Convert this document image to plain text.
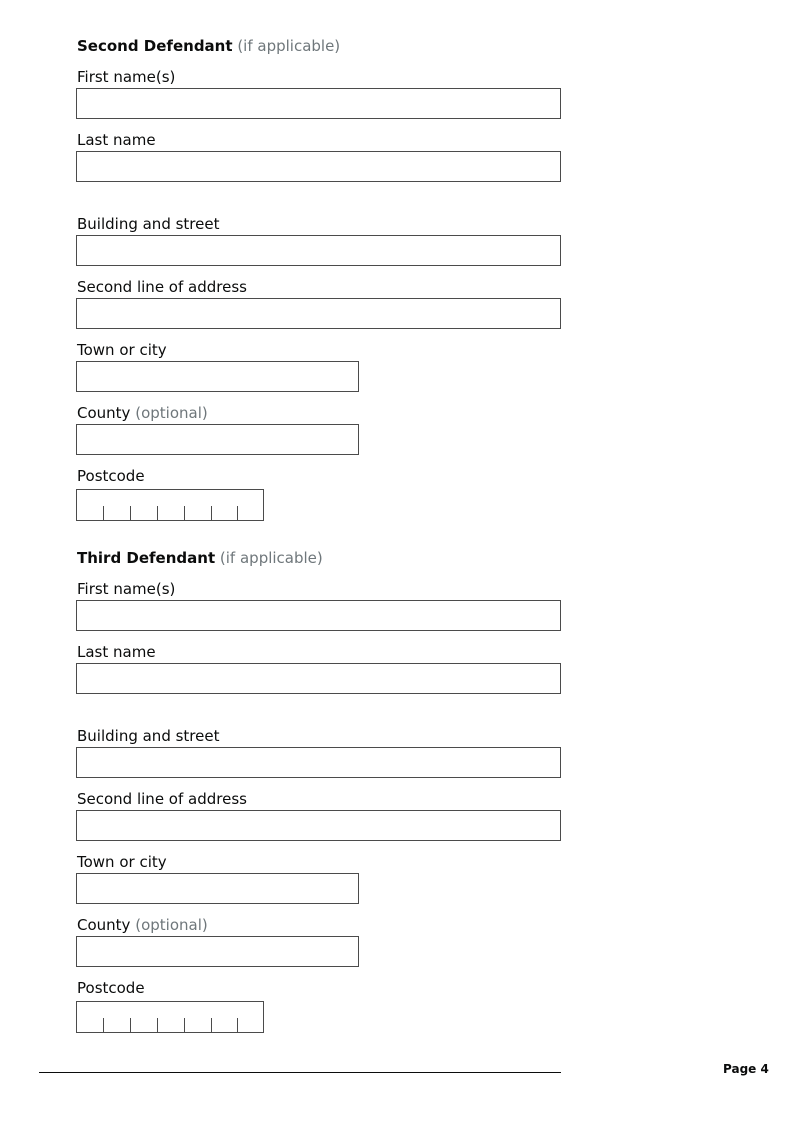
Second Defendant (if applicable)

First name(s)

Last name

Building and street

Second line of address

Town or city

County (optional)

Postcode

Third Defendant (if applicable)

First name(s)

Last name

Building and street

Second line of address

Town or city

County (optional)

Postcode

Page 4
